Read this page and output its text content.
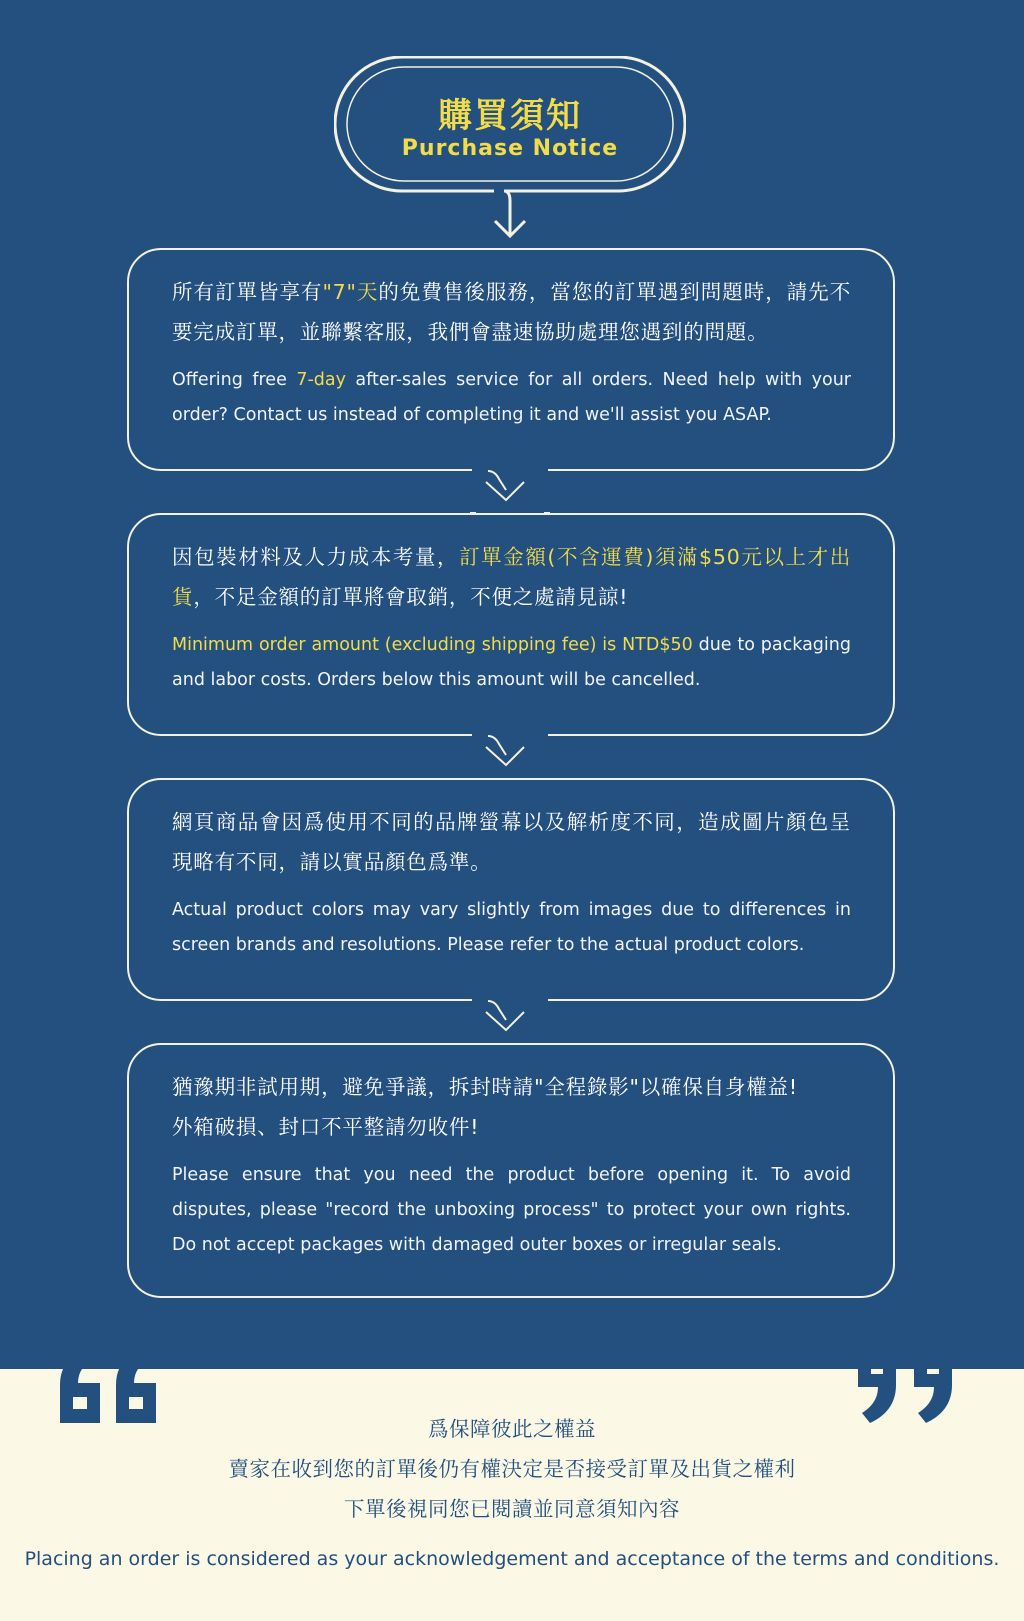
購買須知
Purchase Notice

所有訂單皆享有"7"天的免費售後服務，當您的訂單遇到問題時，請先不要完成訂單，並聯繫客服，我們會盡速協助處理您遇到的問題。

Offering free 7-day after-sales service for all orders. Need help with your order? Contact us instead of completing it and we'll assist you ASAP.

因包裝材料及人力成本考量，訂單金額(不含運費)須滿$50元以上才出貨，不足金額的訂單將會取銷，不便之處請見諒!

Minimum order amount (excluding shipping fee) is NTD$50 due to packaging and labor costs. Orders below this amount will be cancelled.

網頁商品會因爲使用不同的品牌螢幕以及解析度不同，造成圖片顏色呈現略有不同，請以實品顏色爲準。

Actual product colors may vary slightly from images due to differences in screen brands and resolutions. Please refer to the actual product colors.

猶豫期非試用期，避免爭議，拆封時請"全程錄影"以確保自身權益!
外箱破損、封口不平整請勿收件!

Please ensure that you need the product before opening it. To avoid disputes, please "record the unboxing process" to protect your own rights. Do not accept packages with damaged outer boxes or irregular seals.

爲保障彼此之權益
賣家在收到您的訂單後仍有權決定是否接受訂單及出貨之權利
下單後視同您已閱讀並同意須知內容
Placing an order is considered as your acknowledgement and acceptance of the terms and conditions.
